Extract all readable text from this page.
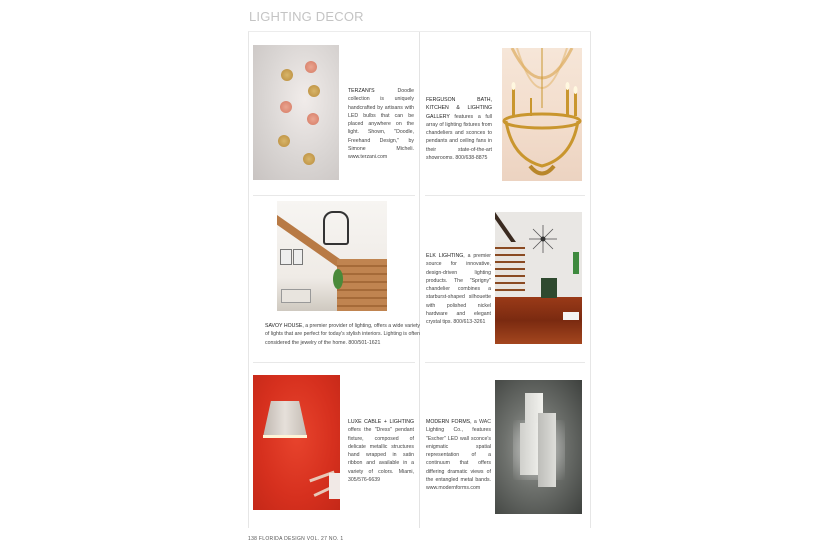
LIGHTING DECOR
TERZANI'S Doodle collection is uniquely handcrafted by artisans with LED bulbs that can be placed anywhere on the light. Shown, "Doodle, Freehand Design," by Simone Micheli. www.terzani.com
FERGUSON BATH, KITCHEN & LIGHTING GALLERY features a full array of lighting fixtures from chandeliers and sconces to pendants and ceiling fans in their state-of-the-art showrooms. 800/638-8875
SAVOY HOUSE, a premier provider of lighting, offers a wide variety of lights that are perfect for today's stylish interiors. Lighting is often considered the jewelry of the home. 800/501-1621
ELK LIGHTING, a premier source for innovative, design-driven lighting products. The "Sprigny" chandelier combines a starburst-shaped silhouette with polished nickel hardware and elegant crystal tips. 800/613-3261
LUXE CABLE + LIGHTING offers the "Dress" pendant fixture, composed of delicate metallic structures hand wrapped in satin ribbon and available in a variety of colors. Miami, 305/576-6639
MODERN FORMS, a WAC Lighting Co., features "Escher" LED wall sconce's enigmatic spatial representation of a continuum that offers differing dramatic views of the entangled metal bands. www.modernforms.com
138 FLORIDA DESIGN VOL. 27 NO. 1
